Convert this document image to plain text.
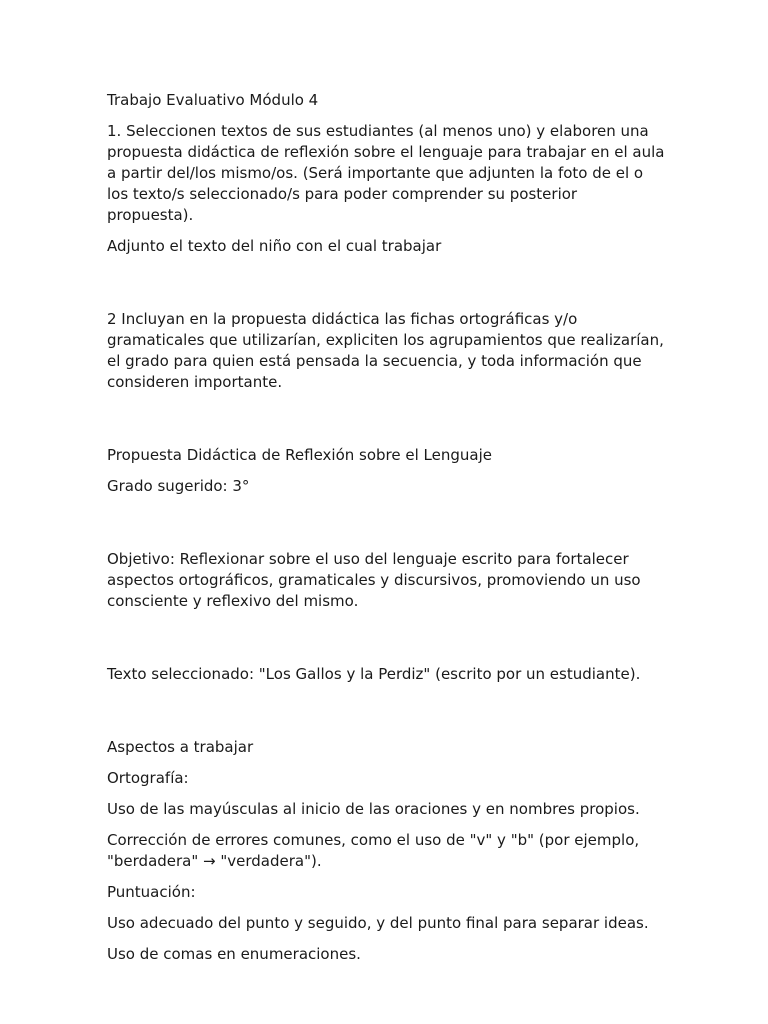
Trabajo Evaluativo Módulo 4

1. Seleccionen textos de sus estudiantes (al menos uno) y elaboren una propuesta didáctica de reflexión sobre el lenguaje para trabajar en el aula a partir del/los mismo/os. (Será importante que adjunten la foto de el o los texto/s seleccionado/s para poder comprender su posterior propuesta).

Adjunto el texto del niño con el cual trabajar

2 Incluyan en la propuesta didáctica las fichas ortográficas y/o gramaticales que utilizarían, expliciten los agrupamientos que realizarían, el grado para quien está pensada la secuencia, y toda información que consideren importante.

Propuesta Didáctica de Reflexión sobre el Lenguaje

Grado sugerido: 3°

Objetivo: Reflexionar sobre el uso del lenguaje escrito para fortalecer aspectos ortográficos, gramaticales y discursivos, promoviendo un uso consciente y reflexivo del mismo.

Texto seleccionado: "Los Gallos y la Perdiz" (escrito por un estudiante).

Aspectos a trabajar

Ortografía:

Uso de las mayúsculas al inicio de las oraciones y en nombres propios.

Corrección de errores comunes, como el uso de "v" y "b" (por ejemplo, "berdadera" → "verdadera").

Puntuación:

Uso adecuado del punto y seguido, y del punto final para separar ideas.

Uso de comas en enumeraciones.
